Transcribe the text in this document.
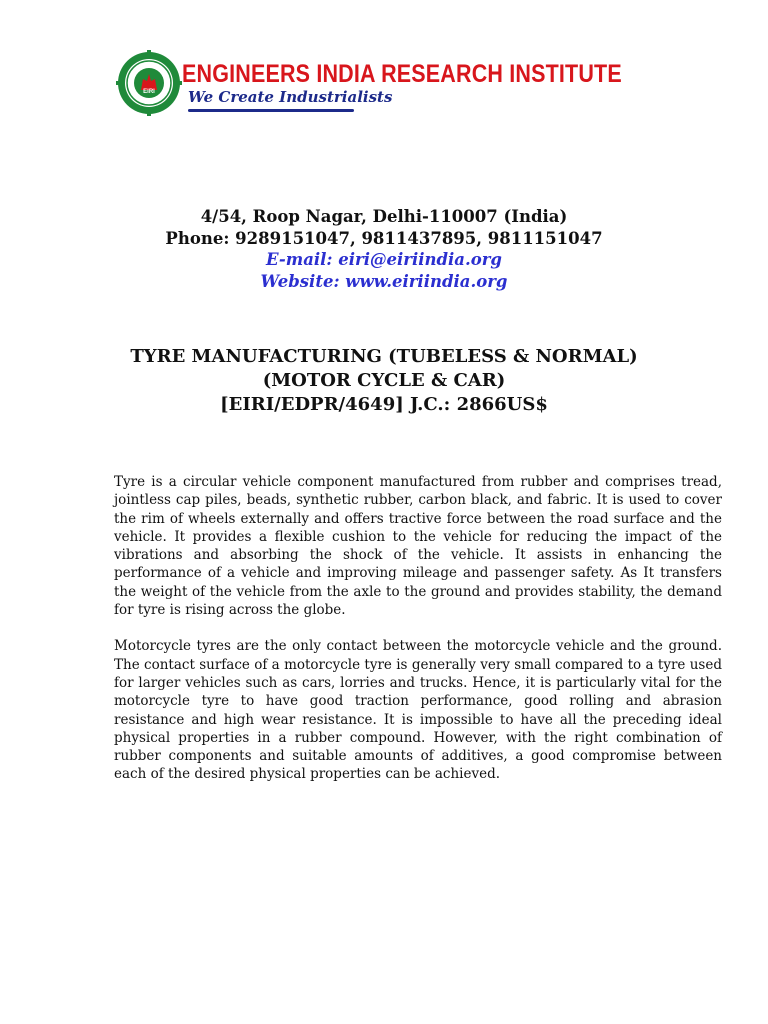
EIRI
ENGINEERS INDIA RESEARCH INSTITUTE
We Create Industrialists
4/54, Roop Nagar, Delhi-110007 (India)
Phone: 9289151047, 9811437895, 9811151047
E-mail: eiri@eiriindia.org
Website: www.eiriindia.org
TYRE MANUFACTURING (TUBELESS & NORMAL)
(MOTOR CYCLE & CAR)
[EIRI/EDPR/4649] J.C.: 2866US$

Tyre is a circular vehicle component manufactured from rubber and comprises tread, jointless cap piles, beads, synthetic rubber, carbon black, and fabric. It is used to cover the rim of wheels externally and offers tractive force between the road surface and the vehicle. It provides a flexible cushion to the vehicle for reducing the impact of the vibrations and absorbing the shock of the vehicle. It assists in enhancing the performance of a vehicle and improving mileage and passenger safety. As It transfers the weight of the vehicle from the axle to the ground and provides stability, the demand for tyre is rising across the globe.

Motorcycle tyres are the only contact between the motorcycle vehicle and the ground. The contact surface of a motorcycle tyre is generally very small compared to a tyre used for larger vehicles such as cars, lorries and trucks. Hence, it is particularly vital for the motorcycle tyre to have good traction performance, good rolling and abrasion resistance and high wear resistance. It is impossible to have all the preceding ideal physical properties in a rubber compound. However, with the right combination of rubber components and suitable amounts of additives, a good compromise between each of the desired physical properties can be achieved.
